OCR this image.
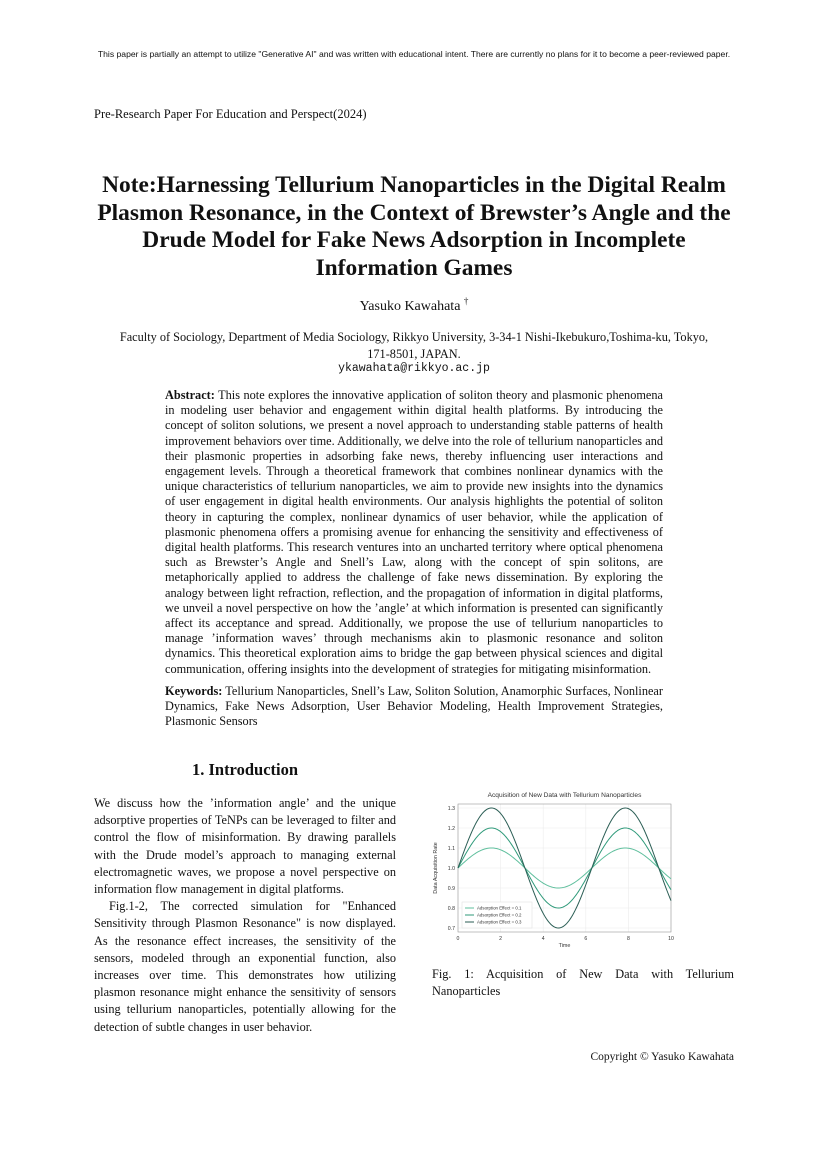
This paper is partially an attempt to utilize "Generative AI" and was written with educational intent. There are currently no plans for it to become a peer-reviewed paper.
Pre-Research Paper For Education and Perspect(2024)
Note:Harnessing Tellurium Nanoparticles in the Digital Realm Plasmon Resonance, in the Context of Brewster’s Angle and the Drude Model for Fake News Adsorption in Incomplete Information Games
Yasuko Kawahata †
Faculty of Sociology, Department of Media Sociology, Rikkyo University, 3-34-1 Nishi-Ikebukuro,Toshima-ku, Tokyo, 171-8501, JAPAN.
ykawahata@rikkyo.ac.jp
Abstract: This note explores the innovative application of soliton theory and plasmonic phenomena in modeling user behavior and engagement within digital health platforms. By introducing the concept of soliton solutions, we present a novel approach to understanding stable patterns of health improvement behaviors over time. Additionally, we delve into the role of tellurium nanoparticles and their plasmonic properties in adsorbing fake news, thereby influencing user interactions and engagement levels. Through a theoretical framework that combines nonlinear dynamics with the unique characteristics of tellurium nanoparticles, we aim to provide new insights into the dynamics of user engagement in digital health environments. Our analysis highlights the potential of soliton theory in capturing the complex, nonlinear dynamics of user behavior, while the application of plasmonic phenomena offers a promising avenue for enhancing the sensitivity and effectiveness of digital health platforms. This research ventures into an uncharted territory where optical phenomena such as Brewster’s Angle and Snell’s Law, along with the concept of spin solitons, are metaphorically applied to address the challenge of fake news dissemination. By exploring the analogy between light refraction, reflection, and the propagation of information in digital platforms, we unveil a novel perspective on how the ’angle’ at which information is presented can significantly affect its acceptance and spread. Additionally, we propose the use of tellurium nanoparticles to manage ’information waves’ through mechanisms akin to plasmonic resonance and soliton dynamics. This theoretical exploration aims to bridge the gap between physical sciences and digital communication, offering insights into the development of strategies for mitigating misinformation.
Keywords: Tellurium Nanoparticles, Snell’s Law, Soliton Solution, Anamorphic Surfaces, Nonlinear Dynamics, Fake News Adsorption, User Behavior Modeling, Health Improvement Strategies, Plasmonic Sensors
1. Introduction

We discuss how the ’information angle’ and the unique adsorptive properties of TeNPs can be leveraged to filter and control the flow of misinformation. By drawing parallels with the Drude model’s approach to managing external electromagnetic waves, we propose a novel perspective on information flow management in digital platforms.

Fig.1-2, The corrected simulation for "Enhanced Sensitivity through Plasmon Resonance" is now displayed. As the resonance effect increases, the sensitivity of the sensors, modeled through an exponential function, also increases over time. This demonstrates how utilizing plasmon resonance might enhance the sensitivity of sensors using tellurium nanoparticles, potentially allowing for the detection of subtle changes in user behavior.

0	2	4	6	8	10
0.7
0.8
0.9
1.0
1.1
1.2
1.3
Acquisition of New Data with Tellurium Nanoparticles
Time
Data Acquisition Rate
Adsorption Effect = 0.1
Adsorption Effect = 0.2
Adsorption Effect = 0.3
Fig. 1: Acquisition of New Data with Tellurium Nanoparticles
Copyright © Yasuko Kawahata
